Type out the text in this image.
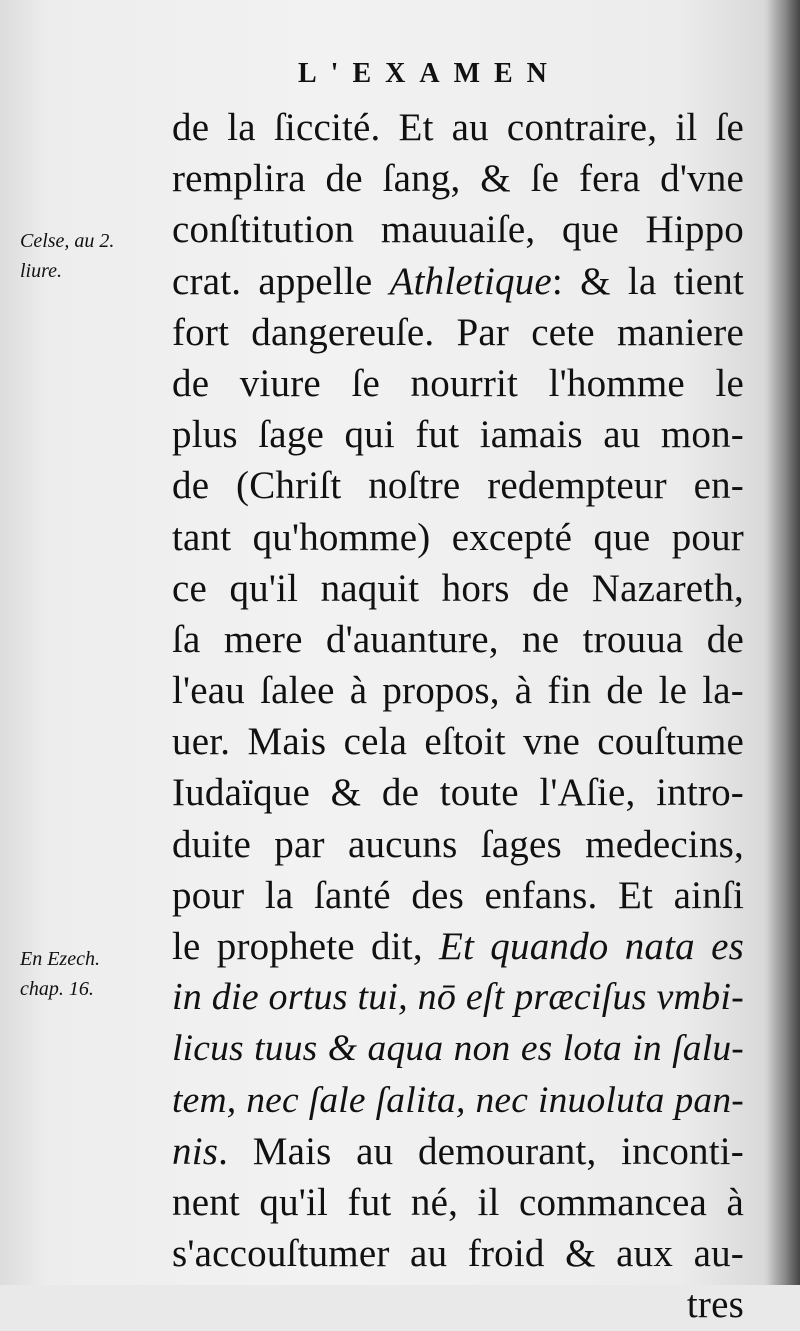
L'EXAMEN
Celse, au 2.
liure.
En Ezech.
chap. 16.
de la ſiccité. Et au contraire, il ſe
remplira de ſang, & ſe fera d'vne
conſtitution mauuaiſe, que Hippo
crat. appelle Athletique: & la tient
fort dangereuſe. Par cete maniere
de viure ſe nourrit l'homme le
plus ſage qui fut iamais au mon-
de (Chriſt noſtre redempteur en-
tant qu'homme) excepté que pour
ce qu'il naquit hors de Nazareth,
ſa mere d'auanture, ne trouua de
l'eau ſalee à propos, à fin de le la-
uer. Mais cela eſtoit vne couſtume
Iudaïque & de toute l'Aſie, intro-
duite par aucuns ſages medecins,
pour la ſanté des enfans. Et ainſi
le prophete dit, Et quando nata es
in die ortus tui, nō eſt præciſus vmbi-
licus tuus & aqua non es lota in ſalu-
tem, nec ſale ſalita, nec inuoluta pan-
nis. Mais au demourant, inconti-
nent qu'il fut né, il commancea à
s'accouſtumer au froid & aux au-
tres
